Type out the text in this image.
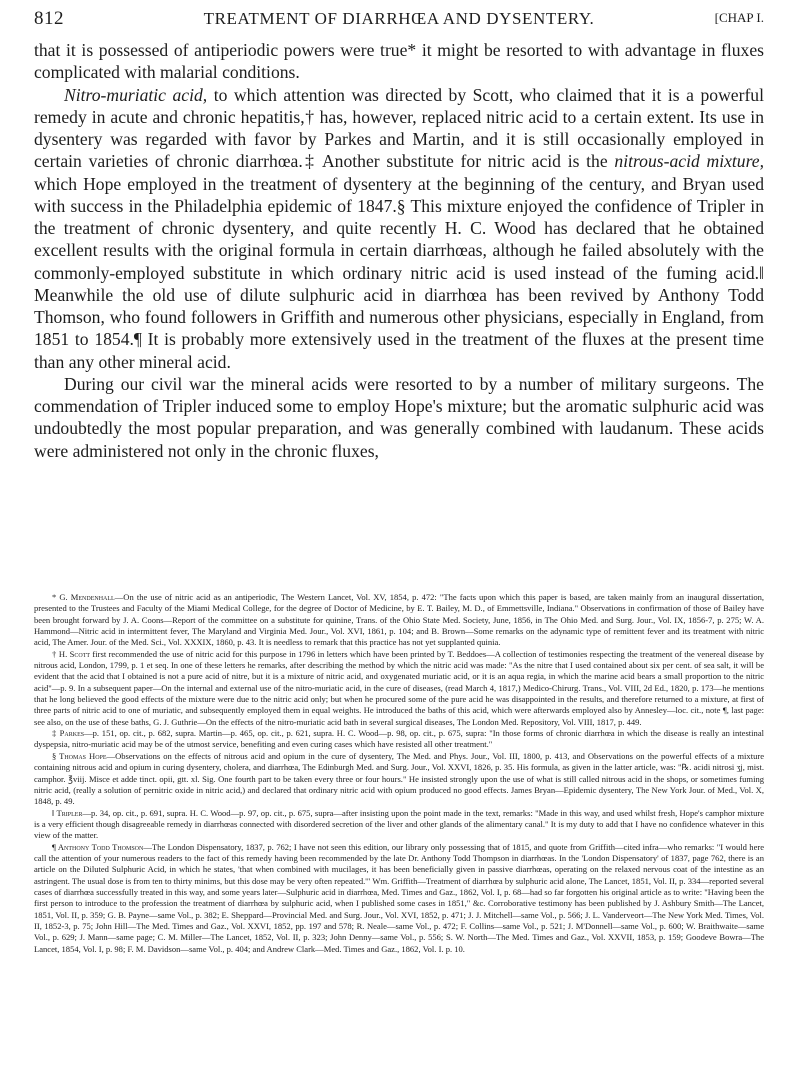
812	TREATMENT OF DIARRHŒA AND DYSENTERY.	[CHAP I.

that it is possessed of antiperiodic powers were true* it might be resorted to with advantage in fluxes complicated with malarial conditions.

Nitro-muriatic acid, to which attention was directed by Scott, who claimed that it is a powerful remedy in acute and chronic hepatitis,† has, however, replaced nitric acid to a certain extent. Its use in dysentery was regarded with favor by Parkes and Martin, and it is still occasionally employed in certain varieties of chronic diarrhœa.‡ Another substitute for nitric acid is the nitrous-acid mixture, which Hope employed in the treatment of dysentery at the beginning of the century, and Bryan used with success in the Philadelphia epidemic of 1847.§ This mixture enjoyed the confidence of Tripler in the treatment of chronic dysentery, and quite recently H. C. Wood has declared that he obtained excellent results with the original formula in certain diarrhœas, although he failed absolutely with the commonly-employed substitute in which ordinary nitric acid is used instead of the fuming acid.‖ Meanwhile the old use of dilute sulphuric acid in diarrhœa has been revived by Anthony Todd Thomson, who found followers in Griffith and numerous other physicians, especially in England, from 1851 to 1854.¶ It is probably more extensively used in the treatment of the fluxes at the present time than any other mineral acid.

During our civil war the mineral acids were resorted to by a number of military surgeons. The commendation of Tripler induced some to employ Hope's mixture; but the aromatic sulphuric acid was undoubtedly the most popular preparation, and was generally combined with laudanum. These acids were administered not only in the chronic fluxes,

* G. Mendenhall—On the use of nitric acid as an antiperiodic, The Western Lancet, Vol. XV, 1854, p. 472: "The facts upon which this paper is based, are taken mainly from an inaugural dissertation, presented to the Trustees and Faculty of the Miami Medical College, for the degree of Doctor of Medicine, by E. T. Bailey, M. D., of Emmettsville, Indiana." Observations in confirmation of those of Bailey have been brought forward by J. A. Coons—Report of the committee on a substitute for quinine, Trans. of the Ohio State Med. Society, June, 1856, in The Ohio Med. and Surg. Jour., Vol. IX, 1856-7, p. 275; W. A. Hammond—Nitric acid in intermittent fever, The Maryland and Virginia Med. Jour., Vol. XVI, 1861, p. 104; and B. Brown—Some remarks on the adynamic type of remittent fever and its treatment with nitric acid, The Amer. Jour. of the Med. Sci., Vol. XXXIX, 1860, p. 43. It is needless to remark that this practice has not yet supplanted quinia.

† H. Scott first recommended the use of nitric acid for this purpose in 1796 in letters which have been printed by T. Beddoes—A collection of testimonies respecting the treatment of the venereal disease by nitrous acid, London, 1799, p. 1 et seq. In one of these letters he remarks, after describing the method by which the nitric acid was made: "As the nitre that I used contained about six per cent. of sea salt, it will be evident that the acid that I obtained is not a pure acid of nitre, but it is a mixture of nitric acid, and oxygenated muriatic acid, or it is an aqua regia, in which the marine acid bears a small proportion to the nitric acid"—p. 9. In a subsequent paper—On the internal and external use of the nitro-muriatic acid, in the cure of diseases, (read March 4, 1817,) Medico-Chirurg. Trans., Vol. VIII, 2d Ed., 1820, p. 173—he mentions that he long believed the good effects of the mixture were due to the nitric acid only; but when he procured some of the pure acid he was disappointed in the results, and therefore returned to a mixture, at first of three parts of nitric acid to one of muriatic, and subsequently employed them in equal weights. He introduced the baths of this acid, which were afterwards employed also by Annesley—loc. cit., note ¶, last page: see also, on the use of these baths, G. J. Guthrie—On the effects of the nitro-muriatic acid bath in several surgical diseases, The London Med. Repository, Vol. VIII, 1817, p. 449.

‡ Parkes—p. 151, op. cit., p. 682, supra. Martin—p. 465, op. cit., p. 621, supra. H. C. Wood—p. 98, op. cit., p. 675, supra: "In those forms of chronic diarrhœa in which the disease is really an intestinal dyspepsia, nitro-muriatic acid may be of the utmost service, benefiting and even curing cases which have resisted all other treatment."

§ Thomas Hope—Observations on the effects of nitrous acid and opium in the cure of dysentery, The Med. and Phys. Jour., Vol. III, 1800, p. 413, and Observations on the powerful effects of a mixture containing nitrous acid and opium in curing dysentery, cholera, and diarrhœa, The Edinburgh Med. and Surg. Jour., Vol. XXVI, 1826, p. 35. His formula, as given in the latter article, was: "℞. acidi nitrosi ʒj, mist. camphor. ℥viij. Misce et adde tinct. opii, gtt. xl. Sig. One fourth part to be taken every three or four hours." He insisted strongly upon the use of what is still called nitrous acid in the shops, or sometimes fuming nitric acid, (really a solution of pernitric oxide in nitric acid,) and declared that ordinary nitric acid with opium produced no good effects. James Bryan—Epidemic dysentery, The New York Jour. of Med., Vol. X, 1848, p. 49.

‖ Tripler—p. 34, op. cit., p. 691, supra. H. C. Wood—p. 97, op. cit., p. 675, supra—after insisting upon the point made in the text, remarks: "Made in this way, and used whilst fresh, Hope's camphor mixture is a very efficient though disagreeable remedy in diarrhœas connected with disordered secretion of the liver and other glands of the alimentary canal." It is my duty to add that I have no confidence whatever in this view of the matter.

¶ Anthony Todd Thomson—The London Dispensatory, 1837, p. 762; I have not seen this edition, our library only possessing that of 1815, and quote from Griffith—cited infra—who remarks: "I would here call the attention of your numerous readers to the fact of this remedy having been recommended by the late Dr. Anthony Todd Thompson in diarrhœas. In the 'London Dispensatory' of 1837, page 762, there is an article on the Diluted Sulphuric Acid, in which he states, 'that when combined with mucilages, it has been beneficially given in passive diarrhœas, operating on the relaxed nervous coat of the intestine as an astringent. The usual dose is from ten to thirty minims, but this dose may be very often repeated.'" Wm. Griffith—Treatment of diarrhœa by sulphuric acid alone, The Lancet, 1851, Vol. II, p. 334—reported several cases of diarrhœa successfully treated in this way, and some years later—Sulphuric acid in diarrhœa, Med. Times and Gaz., 1862, Vol. I, p. 68—had so far forgotten his original article as to write: "Having been the first person to introduce to the profession the treatment of diarrhœa by sulphuric acid, when I published some cases in 1851," &c. Corroborative testimony has been published by J. Ashbury Smith—The Lancet, 1851, Vol. II, p. 359; G. B. Payne—same Vol., p. 382; E. Sheppard—Provincial Med. and Surg. Jour., Vol. XVI, 1852, p. 471; J. J. Mitchell—same Vol., p. 566; J. L. Vanderveort—The New York Med. Times, Vol. II, 1852-3, p. 75; John Hill—The Med. Times and Gaz., Vol. XXVI, 1852, pp. 197 and 578; R. Neale—same Vol., p. 472; F. Collins—same Vol., p. 521; J. M'Donnell—same Vol., p. 600; W. Braithwaite—same Vol., p. 629; J. Mann—same page; C. M. Miller—The Lancet, 1852, Vol. II, p. 323; John Denny—same Vol., p. 556; S. W. North—The Med. Times and Gaz., Vol. XXVII, 1853, p. 159; Goodeve Bowra—The Lancet, 1854, Vol. I, p. 98; F. M. Davidson—same Vol., p. 404; and Andrew Clark—Med. Times and Gaz., 1862, Vol. I. p. 10.
